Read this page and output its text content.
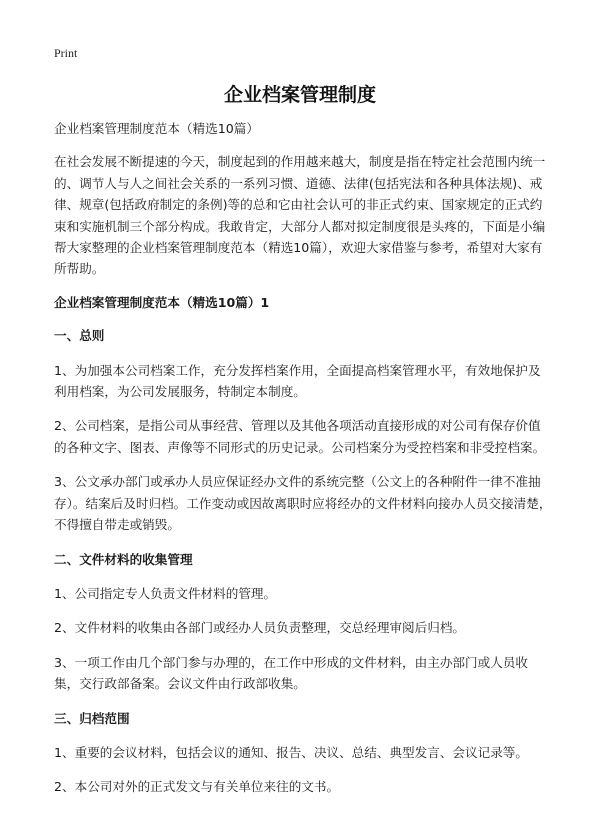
Print
企业档案管理制度

企业档案管理制度范本（精选10篇）

在社会发展不断提速的今天，制度起到的作用越来越大，制度是指在特定社会范围内统一的、调节人与人之间社会关系的一系列习惯、道德、法律(包括宪法和各种具体法规)、戒律、规章(包括政府制定的条例)等的总和它由社会认可的非正式约束、国家规定的正式约束和实施机制三个部分构成。我敢肯定，大部分人都对拟定制度很是头疼的，下面是小编帮大家整理的企业档案管理制度范本（精选10篇），欢迎大家借鉴与参考，希望对大家有所帮助。

企业档案管理制度范本（精选10篇）1

一、总则

1、为加强本公司档案工作，充分发挥档案作用，全面提高档案管理水平，有效地保护及利用档案，为公司发展服务，特制定本制度。

2、公司档案，是指公司从事经营、管理以及其他各项活动直接形成的对公司有保存价值的各种文字、图表、声像等不同形式的历史记录。公司档案分为受控档案和非受控档案。

3、公文承办部门或承办人员应保证经办文件的系统完整（公文上的各种附件一律不准抽存）。结案后及时归档。工作变动或因故离职时应将经办的文件材料向接办人员交接清楚，不得擅自带走或销毁。

二、文件材料的收集管理

1、公司指定专人负责文件材料的管理。

2、文件材料的收集由各部门或经办人员负责整理，交总经理审阅后归档。

3、一项工作由几个部门参与办理的，在工作中形成的文件材料，由主办部门或人员收集，交行政部备案。会议文件由行政部收集。

三、归档范围

1、重要的会议材料，包括会议的通知、报告、决议、总结、典型发言、会议记录等。

2、本公司对外的正式发文与有关单位来往的文书。
